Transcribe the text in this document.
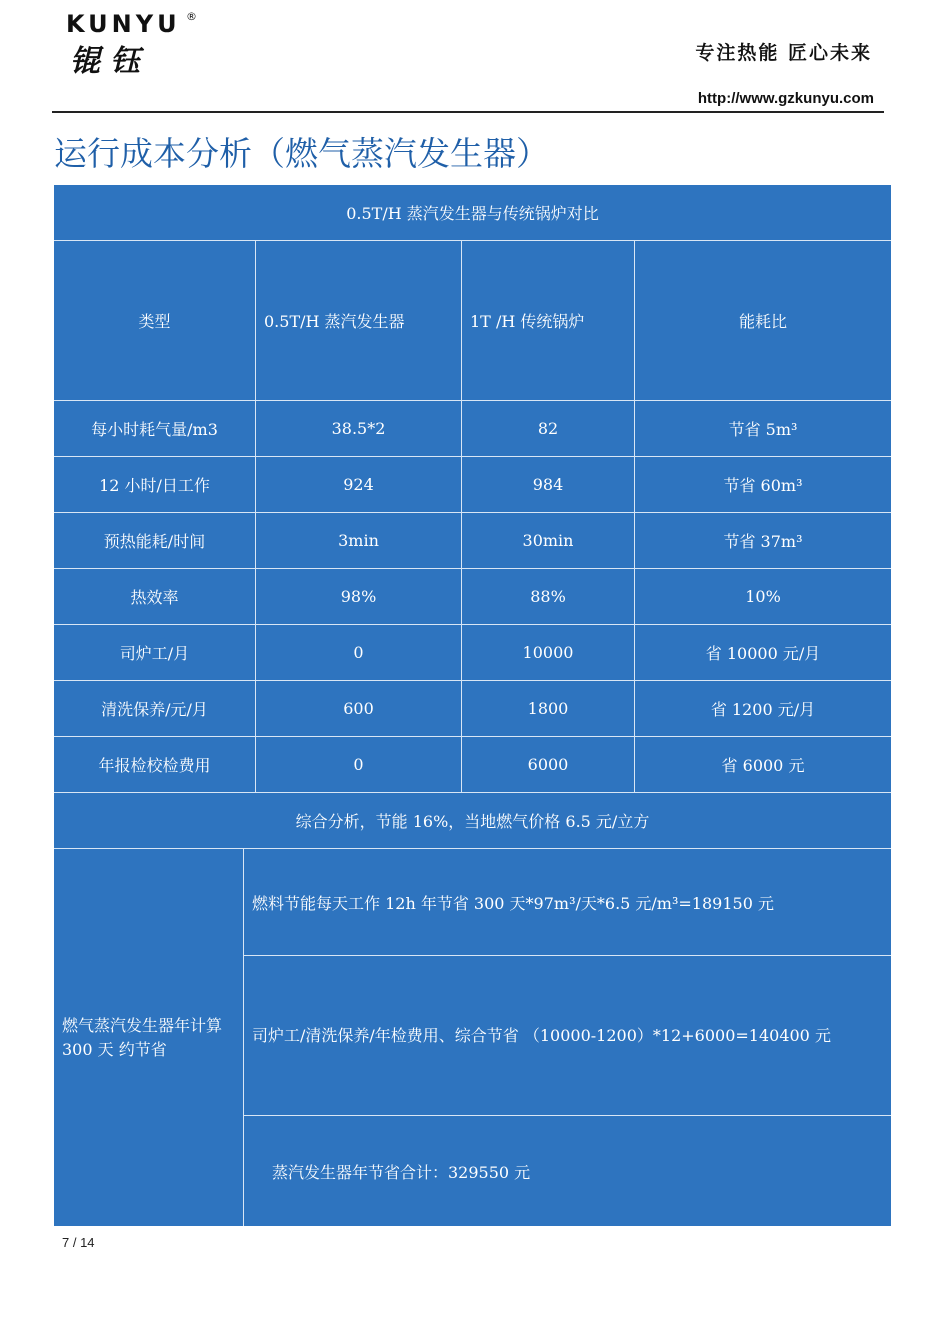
KUNYU ®
锟钰	专注热能 匠心未来
http://www.gzkunyu.com
运行成本分析（燃气蒸汽发生器）
0.5T/H 蒸汽发生器与传统锅炉对比
类型	0.5T/H 蒸汽发生器	1T /H 传统锅炉	能耗比
每小时耗气量/m3	38.5*2	82	节省 5m³
12 小时/日工作	924	984	节省 60m³
预热能耗/时间	3min	30min	节省 37m³
热效率	98%	88%	10%
司炉工/月	0	10000	省 10000 元/月
清洗保养/元/月	600	1800	省 1200 元/月
年报检校检费用	0	6000	省 6000 元
综合分析，节能 16%，当地燃气价格 6.5 元/立方
燃气蒸汽发生器年计算 300 天 约节省
燃料节能每天工作 12h 年节省 300 天*97m³/天*6.5 元/m³=189150 元
司炉工/清洗保养/年检费用、综合节省 （10000-1200）*12+6000=140400 元
蒸汽发生器年节省合计：329550 元
7 / 14
